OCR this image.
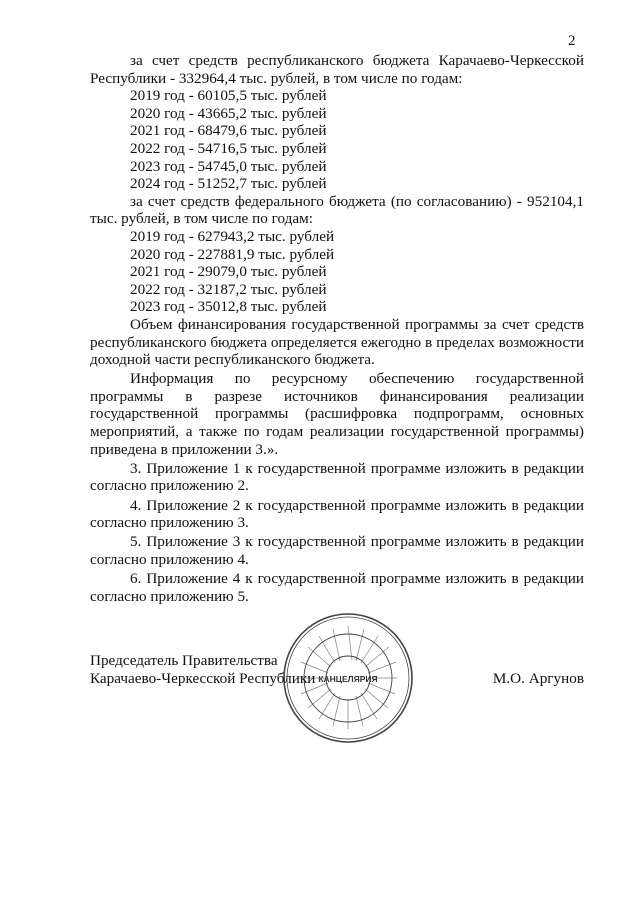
2

за счет средств республиканского бюджета Карачаево-Черкесской Республики - 332964,4 тыс. рублей, в том числе по годам:

2019 год - 60105,5 тыс. рублей

2020 год - 43665,2 тыс. рублей

2021 год - 68479,6 тыс. рублей

2022 год - 54716,5 тыс. рублей

2023 год - 54745,0 тыс. рублей

2024 год - 51252,7 тыс. рублей

за счет средств федерального бюджета (по согласованию) - 952104,1 тыс. рублей, в том числе по годам:

2019 год - 627943,2 тыс. рублей

2020 год - 227881,9 тыс. рублей

2021 год - 29079,0 тыс. рублей

2022 год - 32187,2 тыс. рублей

2023 год - 35012,8 тыс. рублей

Объем финансирования государственной программы за счет средств республиканского бюджета определяется ежегодно в пределах возможности доходной части республиканского бюджета.

Информация по ресурсному обеспечению государственной программы в разрезе источников финансирования реализации государственной программы (расшифровка подпрограмм, основных мероприятий, а также по годам реализации государственной программы) приведена в приложении 3.».

3. Приложение 1 к государственной программе изложить в редакции согласно приложению 2.

4. Приложение 2 к государственной программе изложить в редакции согласно приложению 3.

5. Приложение 3 к государственной программе изложить в редакции согласно приложению 4.

6. Приложение 4 к государственной программе изложить в редакции согласно приложению 5.

КАНЦЕЛЯРИЯ
Председатель Правительства
Карачаево-Черкесской Республики	М.О. Аргунов
